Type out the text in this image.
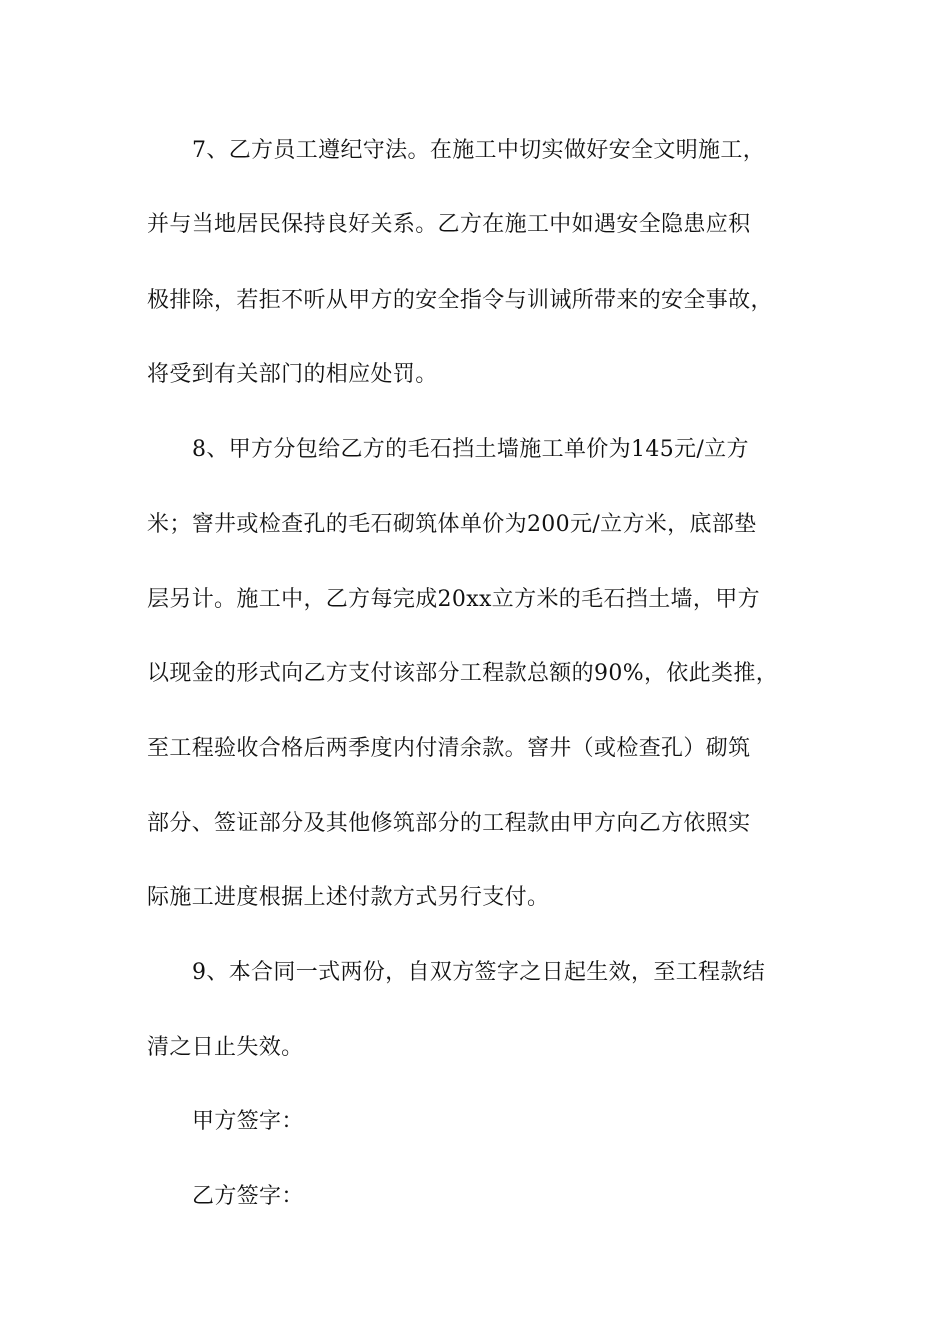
7、乙方员工遵纪守法。在施工中切实做好安全文明施工，
并与当地居民保持良好关系。乙方在施工中如遇安全隐患应积
极排除，若拒不听从甲方的安全指令与训诫所带来的安全事故，
将受到有关部门的相应处罚。
8、甲方分包给乙方的毛石挡土墙施工单价为145元/立方
米；窨井或检查孔的毛石砌筑体单价为200元/立方米，底部垫
层另计。施工中，乙方每完成20xx立方米的毛石挡土墙，甲方
以现金的形式向乙方支付该部分工程款总额的90%，依此类推，
至工程验收合格后两季度内付清余款。窨井（或检查孔）砌筑
部分、签证部分及其他修筑部分的工程款由甲方向乙方依照实
际施工进度根据上述付款方式另行支付。
9、本合同一式两份，自双方签字之日起生效，至工程款结
清之日止失效。
甲方签字：
乙方签字：
